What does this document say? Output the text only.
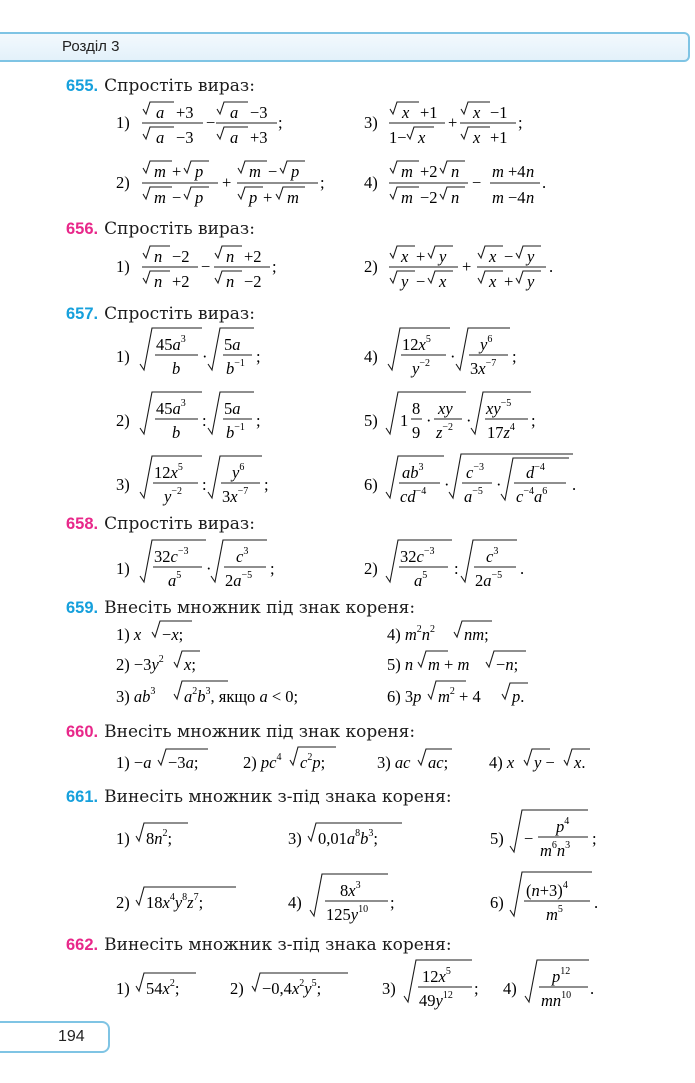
Розділ 3
655. Спростіть вираз:
1)
a +3
a −3
−
a −3
a +3
;	3)
x +1
1− x
+
x −1
x +1
;
2)
m + p
m − p
+
m − p
p + m
; 4)
m +2 n
m −2 n
−
m +4 n
m −4 n
.
656. Спростіть вираз:
1)
n −2
n +2
−
n +2
n −2
;	2)
x + y
y − x
+
x − y
x + y
.
657. Спростіть вираз:
1)
$45a^3$
b
·
5a
$b^{-1}$ ;	4)
$12x^5$
$y^{-2}$ ·
$y^6$
$3x^{-7}$ ;
2)
$45a^3$
b
:
5a
$b^{-1}$ ;	5) 1
8
9
·
xy
$z^{-2}$ ·
$xy^{-5}$
$17z^4$ ;
3)
$12x^5$
$y^{-2}$ :
$y^6$
$3x^{-7}$ ;	6)
$ab^3$
$cd^{-4}$ ·
$c^{-3}$
$a^{-5}$ ·
$d^{-4}$
$c^{-4}a^6$ .
658. Спростіть вираз:
1)
$32c^{-3}$
$a^5$ ·
$c^3$
$2a^{-5}$ ;	2)
$32c^{-3}$
$a^5$ :
$c^3$
$2a^{-5}$ .
659. Внесіть множник під знак кореня:
1) x −x;	4) $m^2n^2$ nm;
$2) -3y^2$ x;	5) n m + m −n;
3) $ab^3$ $a^2b^3$, якщо a < 0;	6) 3p $m^2 + 4$ p.
660. Внесіть множник під знак кореня:
1) −a −3a;	2) $pc^4$ $c^2p$;	3) ac ac; 4) x y − x.
661. Винесіть множник з-під знака кореня:
1) $8n^2$;	3) $0,01a^8b^3$;	5) −
$p^4$
$m^6n^3$ ;
2) $18x^4y^8z^7$;	4)
$8x^3$
$125y^{10}$ ;	6)
$(n+3)^4$
$m^5$ .
662. Винесіть множник з-під знака кореня:
1) $54x^2$;	$2) -0,4x^2y^5$;	3)
$12x^5$
$49y^{12}$ ; 4)
$p^{12}$
$mn^{10}$ .
194
